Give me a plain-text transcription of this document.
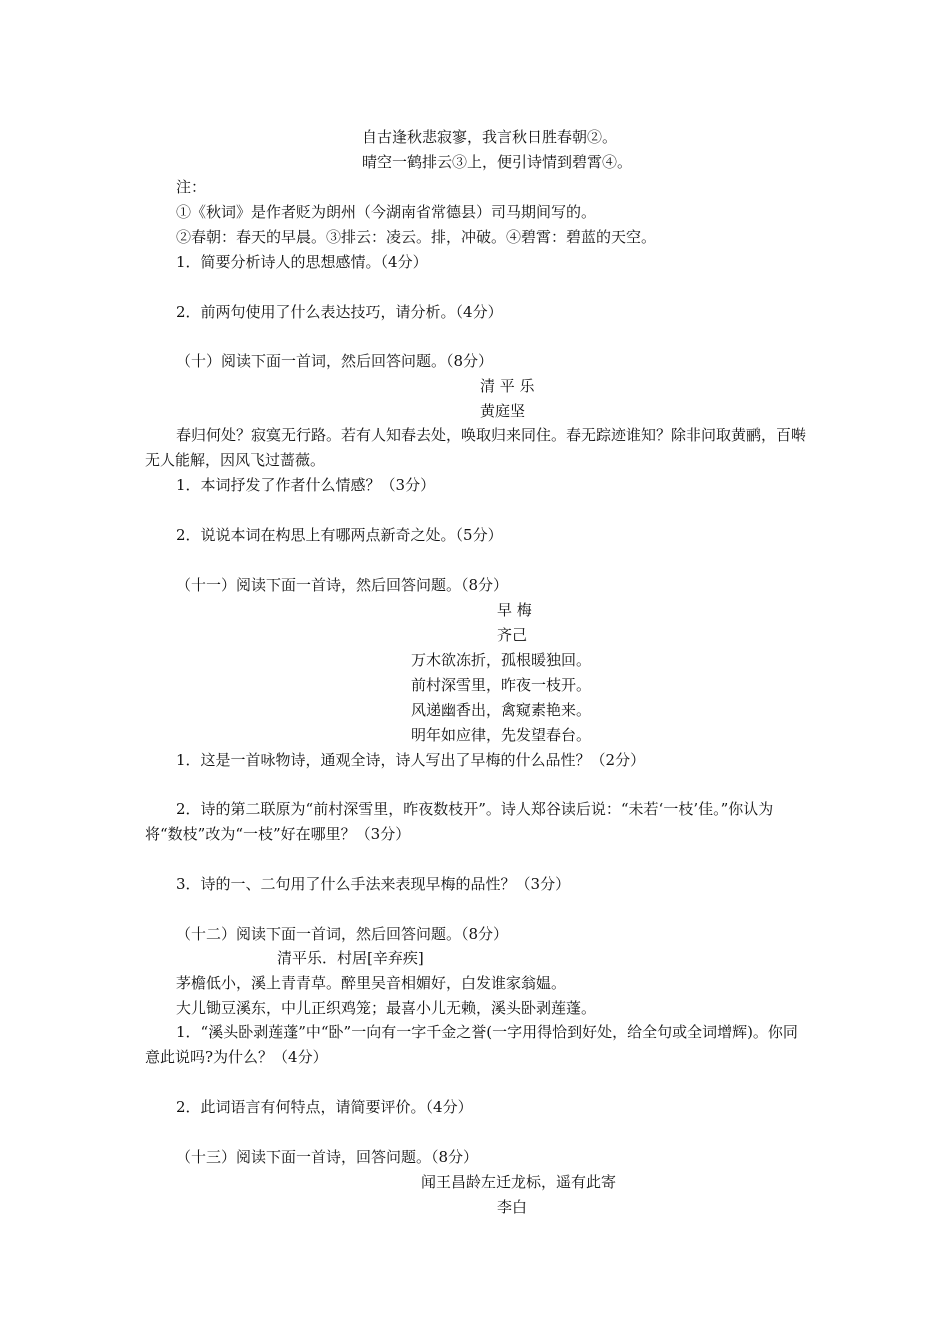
自古逢秋悲寂寥，我言秋日胜春朝②。
晴空一鹤排云③上，便引诗情到碧霄④。
注：
①《秋词》是作者贬为朗州（今湖南省常德县）司马期间写的。
②春朝：春天的早晨。③排云：凌云。排，冲破。④碧霄：碧蓝的天空。
1．简要分析诗人的思想感情。（4分）
2．前两句使用了什么表达技巧，请分析。（4分）
（十）阅读下面一首词，然后回答问题。（8分）
清 平 乐
黄庭坚
春归何处？寂寞无行路。若有人知春去处，唤取归来同住。春无踪迹谁知？除非问取黄鹂，百啭无人能解，因风飞过蔷薇。
1．本词抒发了作者什么情感？（3分）
2．说说本词在构思上有哪两点新奇之处。（5分）
（十一）阅读下面一首诗，然后回答问题。（8分）
早 梅
齐己
万木欲冻折，孤根暖独回。
前村深雪里，昨夜一枝开。
风递幽香出，禽窥素艳来。
明年如应律，先发望春台。
1．这是一首咏物诗，通观全诗，诗人写出了早梅的什么品性？（2分）
2．诗的第二联原为“前村深雪里，昨夜数枝开”。诗人郑谷读后说：“未若‘一枝’佳。”你认为将“数枝”改为“一枝”好在哪里？（3分）
3．诗的一、二句用了什么手法来表现早梅的品性？（3分）
（十二）阅读下面一首词，然后回答问题。（8分）
清平乐．村居[辛弃疾]
茅檐低小，溪上青青草。醉里吴音相媚好，白发谁家翁媪。
大儿锄豆溪东，中儿正织鸡笼；最喜小儿无赖，溪头卧剥莲蓬。
1．“溪头卧剥莲蓬”中“卧”一向有一字千金之誉(一字用得恰到好处，给全句或全词增辉)。你同意此说吗?为什么？（4分）
2．此词语言有何特点，请简要评价。（4分）
（十三）阅读下面一首诗，回答问题。（8分）
闻王昌龄左迁龙标，遥有此寄
李白
